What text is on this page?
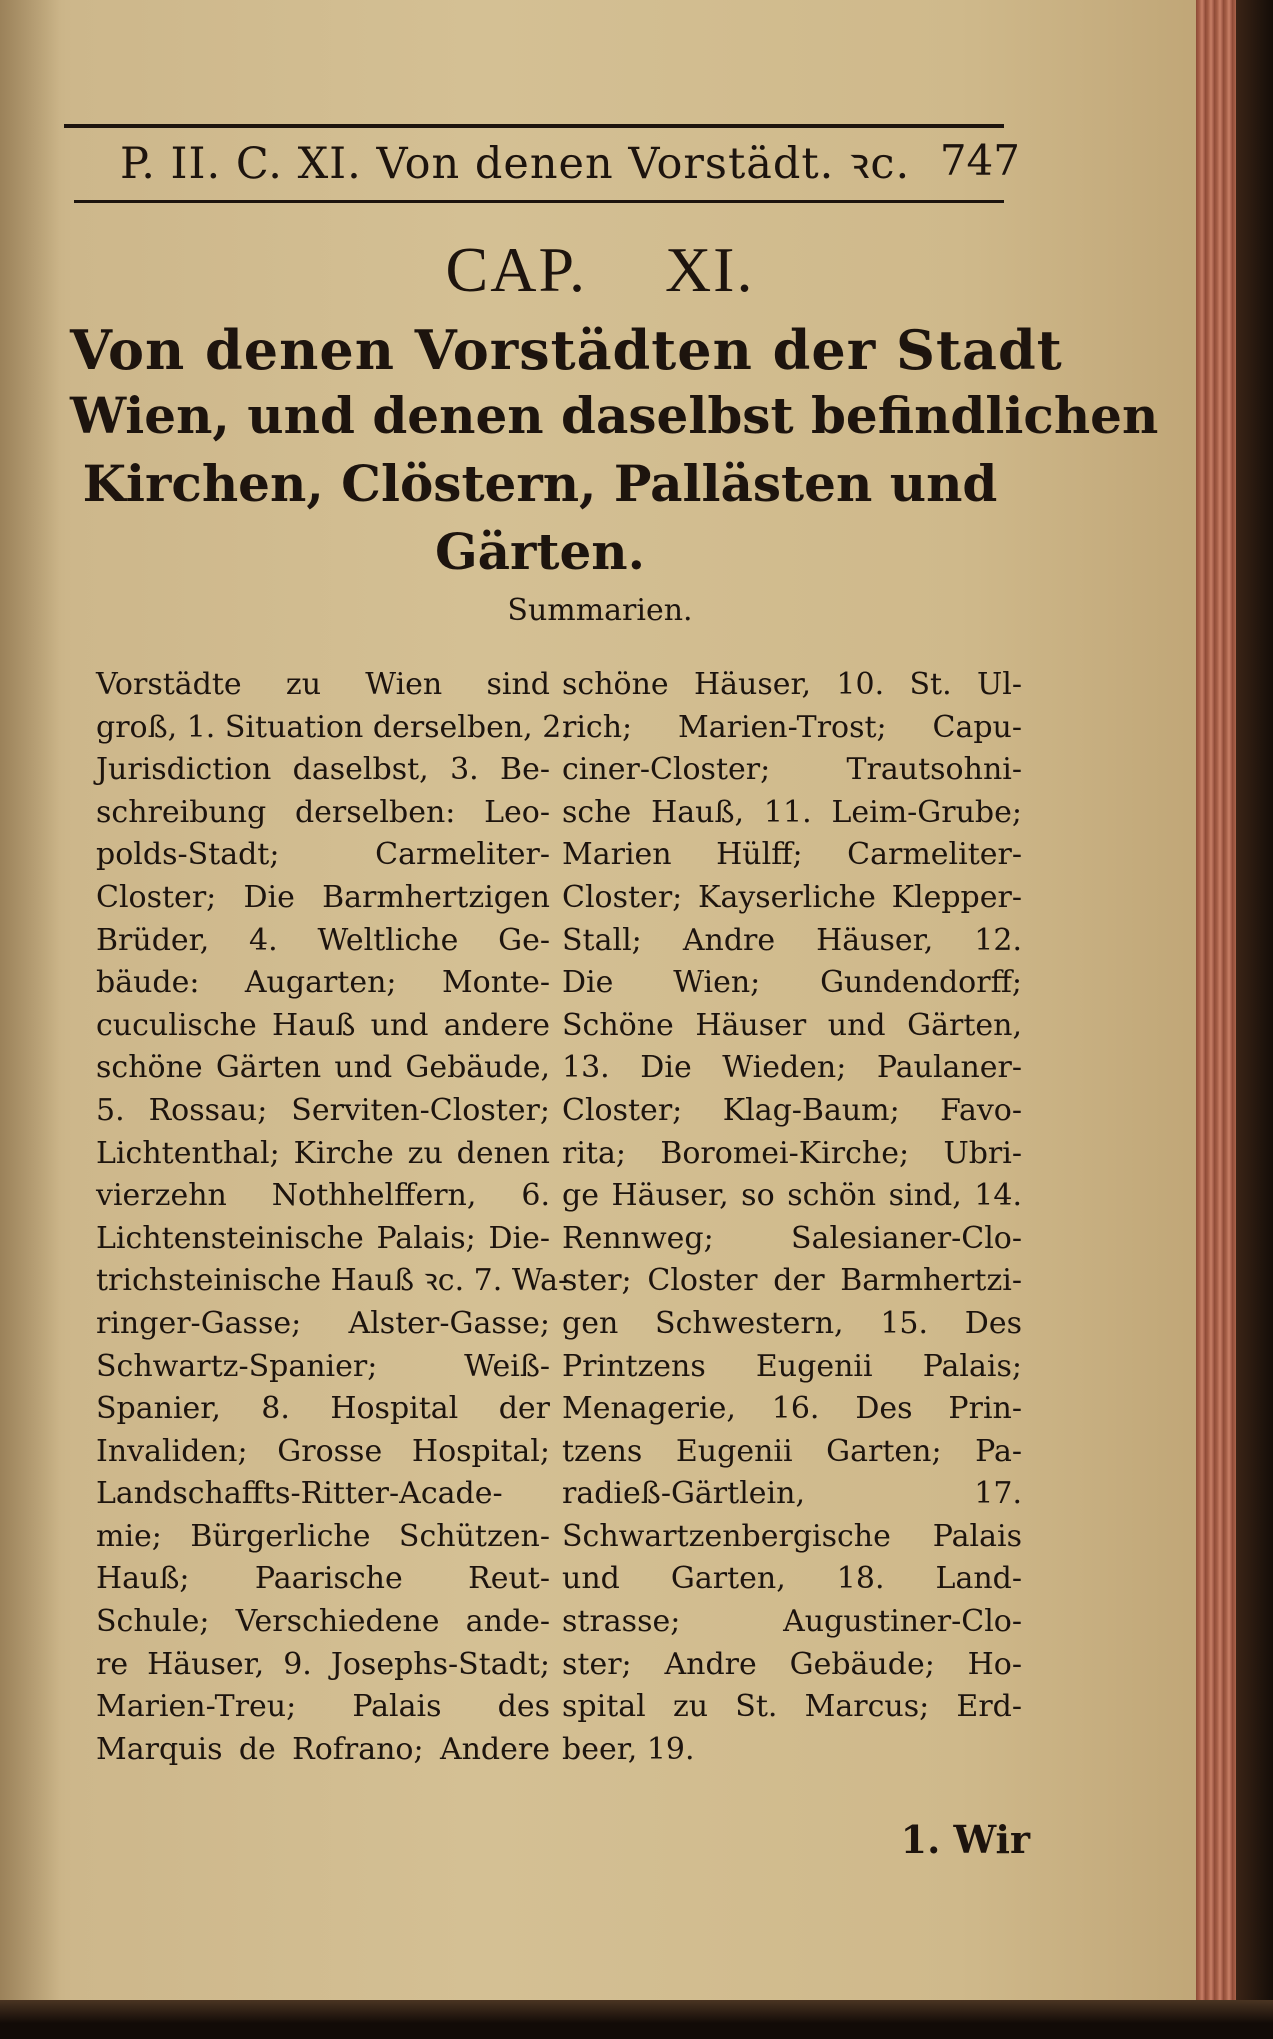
P. II. C. XI. Von denen Vorstädt. ꝛc. 747
CAP. XI.
Von denen Vorstädten der Stadt
Wien, und denen daselbst befindlichen
Kirchen, Clöstern, Pallästen und
Gärten.
Summarien.
Vorstädte zu Wien sind
groß, 1. Situation derselben, 2.
Jurisdiction daselbst, 3. Be-
schreibung derselben: Leo-
polds-Stadt; Carmeliter-
Closter; Die Barmhertzigen
Brüder, 4. Weltliche Ge-
bäude: Augarten; Monte-
cuculische Hauß und andere
schöne Gärten und Gebäude,
5. Rossau; Serviten-Closter;
Lichtenthal; Kirche zu denen
vierzehn Nothhelffern, 6.
Lichtensteinische Palais; Die-
trichsteinische Hauß ꝛc. 7. Wa-
ringer-Gasse; Alster-Gasse;
Schwartz-Spanier; Weiß-
Spanier, 8. Hospital der
Invaliden; Grosse Hospital;
Landschaffts-Ritter-Acade-
mie; Bürgerliche Schützen-
Hauß; Paarische Reut-
Schule; Verschiedene ande-
re Häuser, 9. Josephs-Stadt;
Marien-Treu; Palais des
Marquis de Rofrano; Andere
schöne Häuser, 10. St. Ul-
rich; Marien-Trost; Capu-
ciner-Closter; Trautsohni-
sche Hauß, 11. Leim-Grube;
Marien Hülff; Carmeliter-
Closter; Kayserliche Klepper-
Stall; Andre Häuser, 12.
Die Wien; Gundendorff;
Schöne Häuser und Gärten,
13. Die Wieden; Paulaner-
Closter; Klag-Baum; Favo-
rita; Boromei-Kirche; Ubri-
ge Häuser, so schön sind, 14.
Rennweg; Salesianer-Clo-
ster; Closter der Barmhertzi-
gen Schwestern, 15. Des
Printzens Eugenii Palais;
Menagerie, 16. Des Prin-
tzens Eugenii Garten; Pa-
radieß-Gärtlein, 17.
Schwartzenbergische Palais
und Garten, 18. Land-
strasse; Augustiner-Clo-
ster; Andre Gebäude; Ho-
spital zu St. Marcus; Erd-
beer, 19.
1. Wir
